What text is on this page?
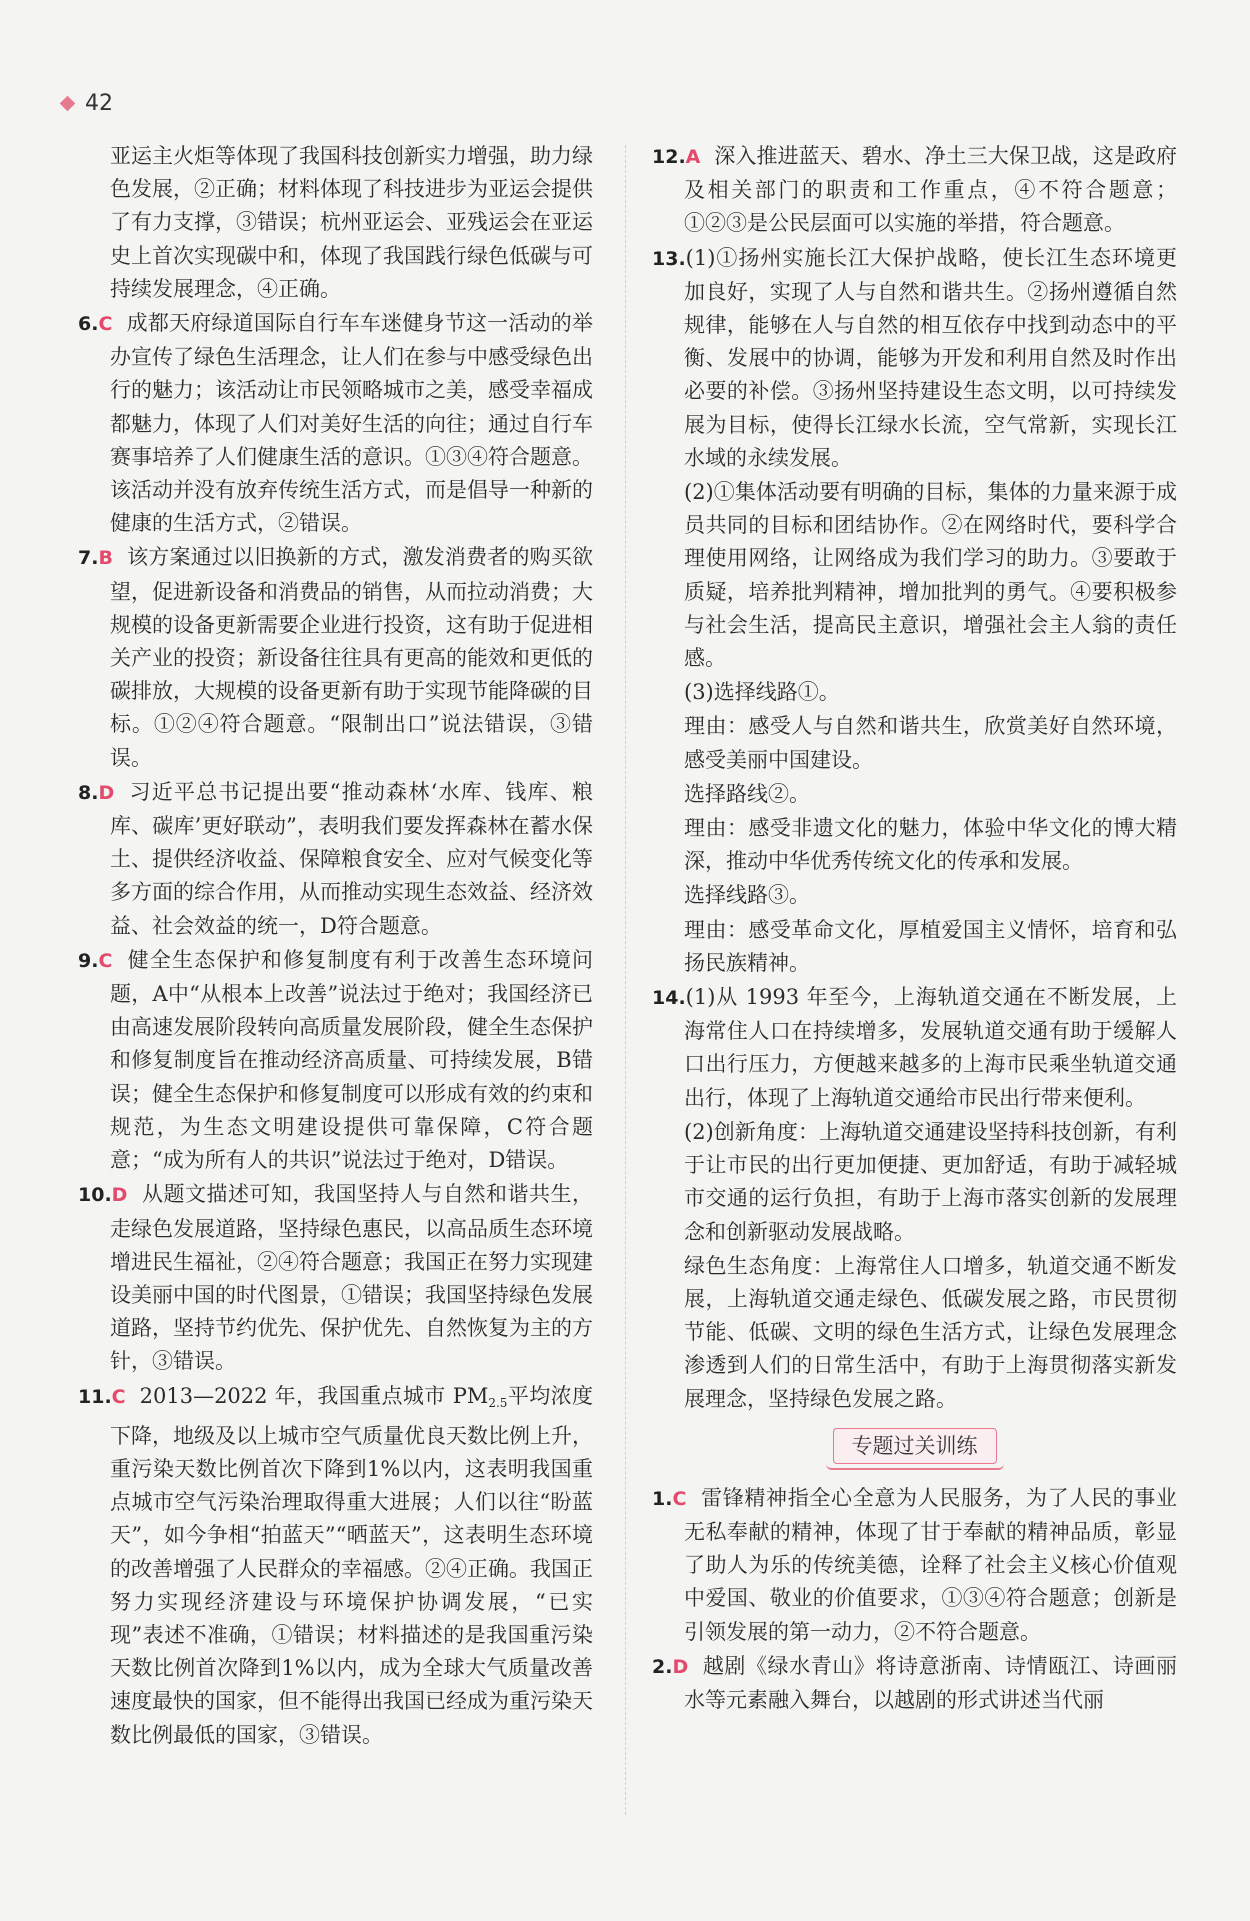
42
亚运主火炬等体现了我国科技创新实力增强，助力绿色发展，②正确；材料体现了科技进步为亚运会提供了有力支撑，③错误；杭州亚运会、亚残运会在亚运史上首次实现碳中和，体现了我国践行绿色低碳与可持续发展理念，④正确。
6.C 成都天府绿道国际自行车车迷健身节这一活动的举办宣传了绿色生活理念，让人们在参与中感受绿色出行的魅力；该活动让市民领略城市之美，感受幸福成都魅力，体现了人们对美好生活的向往；通过自行车赛事培养了人们健康生活的意识。①③④符合题意。该活动并没有放弃传统生活方式，而是倡导一种新的健康的生活方式，②错误。
7.B 该方案通过以旧换新的方式，激发消费者的购买欲望，促进新设备和消费品的销售，从而拉动消费；大规模的设备更新需要企业进行投资，这有助于促进相关产业的投资；新设备往往具有更高的能效和更低的碳排放，大规模的设备更新有助于实现节能降碳的目标。①②④符合题意。“限制出口”说法错误，③错误。
8.D 习近平总书记提出要“推动森林‘水库、钱库、粮库、碳库’更好联动”，表明我们要发挥森林在蓄水保土、提供经济收益、保障粮食安全、应对气候变化等多方面的综合作用，从而推动实现生态效益、经济效益、社会效益的统一，D符合题意。
9.C 健全生态保护和修复制度有利于改善生态环境问题，A中“从根本上改善”说法过于绝对；我国经济已由高速发展阶段转向高质量发展阶段，健全生态保护和修复制度旨在推动经济高质量、可持续发展，B错误；健全生态保护和修复制度可以形成有效的约束和规范，为生态文明建设提供可靠保障，C符合题意；“成为所有人的共识”说法过于绝对，D错误。
10.D 从题文描述可知，我国坚持人与自然和谐共生，走绿色发展道路，坚持绿色惠民，以高品质生态环境增进民生福祉，②④符合题意；我国正在努力实现建设美丽中国的时代图景，①错误；我国坚持绿色发展道路，坚持节约优先、保护优先、自然恢复为主的方针，③错误。
11.C 2013—2022 年，我国重点城市 $PM_{2.5}$平均浓度下降，地级及以上城市空气质量优良天数比例上升，重污染天数比例首次下降到1%以内，这表明我国重点城市空气污染治理取得重大进展；人们以往“盼蓝天”，如今争相“拍蓝天”“晒蓝天”，这表明生态环境的改善增强了人民群众的幸福感。②④正确。我国正努力实现经济建设与环境保护协调发展，“已实现”表述不准确，①错误；材料描述的是我国重污染天数比例首次降到1%以内，成为全球大气质量改善速度最快的国家，但不能得出我国已经成为重污染天数比例最低的国家，③错误。
12.A 深入推进蓝天、碧水、净土三大保卫战，这是政府及相关部门的职责和工作重点，④不符合题意；①②③是公民层面可以实施的举措，符合题意。
13.(1)①扬州实施长江大保护战略，使长江生态环境更加良好，实现了人与自然和谐共生。②扬州遵循自然规律，能够在人与自然的相互依存中找到动态中的平衡、发展中的协调，能够为开发和利用自然及时作出必要的补偿。③扬州坚持建设生态文明，以可持续发展为目标，使得长江绿水长流，空气常新，实现长江水域的永续发展。
(2)①集体活动要有明确的目标，集体的力量来源于成员共同的目标和团结协作。②在网络时代，要科学合理使用网络，让网络成为我们学习的助力。③要敢于质疑，培养批判精神，增加批判的勇气。④要积极参与社会生活，提高民主意识，增强社会主人翁的责任感。
(3)选择线路①。
理由：感受人与自然和谐共生，欣赏美好自然环境，感受美丽中国建设。
选择路线②。
理由：感受非遗文化的魅力，体验中华文化的博大精深，推动中华优秀传统文化的传承和发展。
选择线路③。
理由：感受革命文化，厚植爱国主义情怀，培育和弘扬民族精神。
14.(1)从 1993 年至今，上海轨道交通在不断发展，上海常住人口在持续增多，发展轨道交通有助于缓解人口出行压力，方便越来越多的上海市民乘坐轨道交通出行，体现了上海轨道交通给市民出行带来便利。
(2)创新角度：上海轨道交通建设坚持科技创新，有利于让市民的出行更加便捷、更加舒适，有助于减轻城市交通的运行负担，有助于上海市落实创新的发展理念和创新驱动发展战略。
绿色生态角度：上海常住人口增多，轨道交通不断发展，上海轨道交通走绿色、低碳发展之路，市民贯彻节能、低碳、文明的绿色生活方式，让绿色发展理念渗透到人们的日常生活中，有助于上海贯彻落实新发展理念，坚持绿色发展之路。
专题过关训练
1.C 雷锋精神指全心全意为人民服务，为了人民的事业无私奉献的精神，体现了甘于奉献的精神品质，彰显了助人为乐的传统美德，诠释了社会主义核心价值观中爱国、敬业的价值要求，①③④符合题意；创新是引领发展的第一动力，②不符合题意。
2.D 越剧《绿水青山》将诗意浙南、诗情瓯江、诗画丽水等元素融入舞台，以越剧的形式讲述当代丽
